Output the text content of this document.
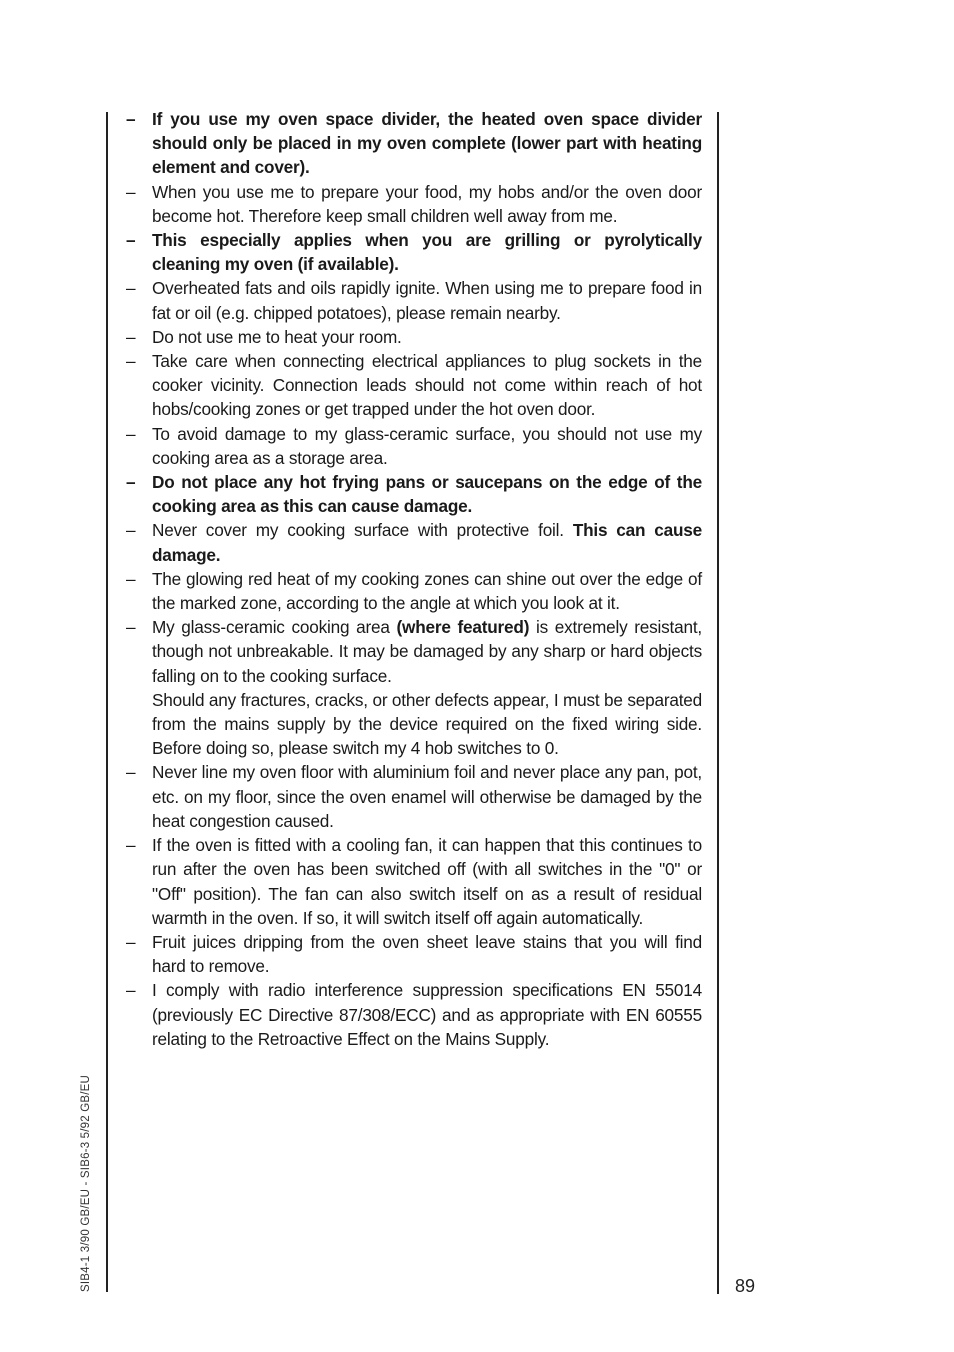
SIB4-1 3/90 GB/EU - SIB6-3 5/92 GB/EU
– If you use my oven space divider, the heated oven space divider should only be placed in my oven complete (lower part with heating element and cover).
– When you use me to prepare your food, my hobs and/or the oven door become hot. Therefore keep small children well away from me.
– This especially applies when you are grilling or pyrolytically cleaning my oven (if available).
– Overheated fats and oils rapidly ignite. When using me to prepare food in fat or oil (e.g. chipped potatoes), please remain nearby.
– Do not use me to heat your room.
– Take care when connecting electrical appliances to plug sockets in the cooker vicinity. Connection leads should not come within reach of hot hobs/cooking zones or get trapped under the hot oven door.
– To avoid damage to my glass-ceramic surface, you should not use my cooking area as a storage area.
– Do not place any hot frying pans or saucepans on the edge of the cooking area as this can cause damage.
– Never cover my cooking surface with protective foil. This can cause damage.
– The glowing red heat of my cooking zones can shine out over the edge of the marked zone, according to the angle at which you look at it.
– My glass-ceramic cooking area (where featured) is extremely resistant, though not unbreakable. It may be damaged by any sharp or hard objects falling on to the cooking surface.
Should any fractures, cracks, or other defects appear, I must be separated from the mains supply by the device required on the fixed wiring side. Before doing so, please switch my 4 hob switches to 0.
– Never line my oven floor with aluminium foil and never place any pan, pot, etc. on my floor, since the oven enamel will otherwise be damaged by the heat congestion caused.
– If the oven is fitted with a cooling fan, it can happen that this continues to run after the oven has been switched off (with all switches in the "0" or "Off" position). The fan can also switch itself on as a result of residual warmth in the oven. If so, it will switch itself off again automatically.
– Fruit juices dripping from the oven sheet leave stains that you will find hard to remove.
– I comply with radio interference suppression specifications EN 55014 (previously EC Directive 87/308/ECC) and as appropriate with EN 60555 relating to the Retroactive Effect on the Mains Supply.
89
